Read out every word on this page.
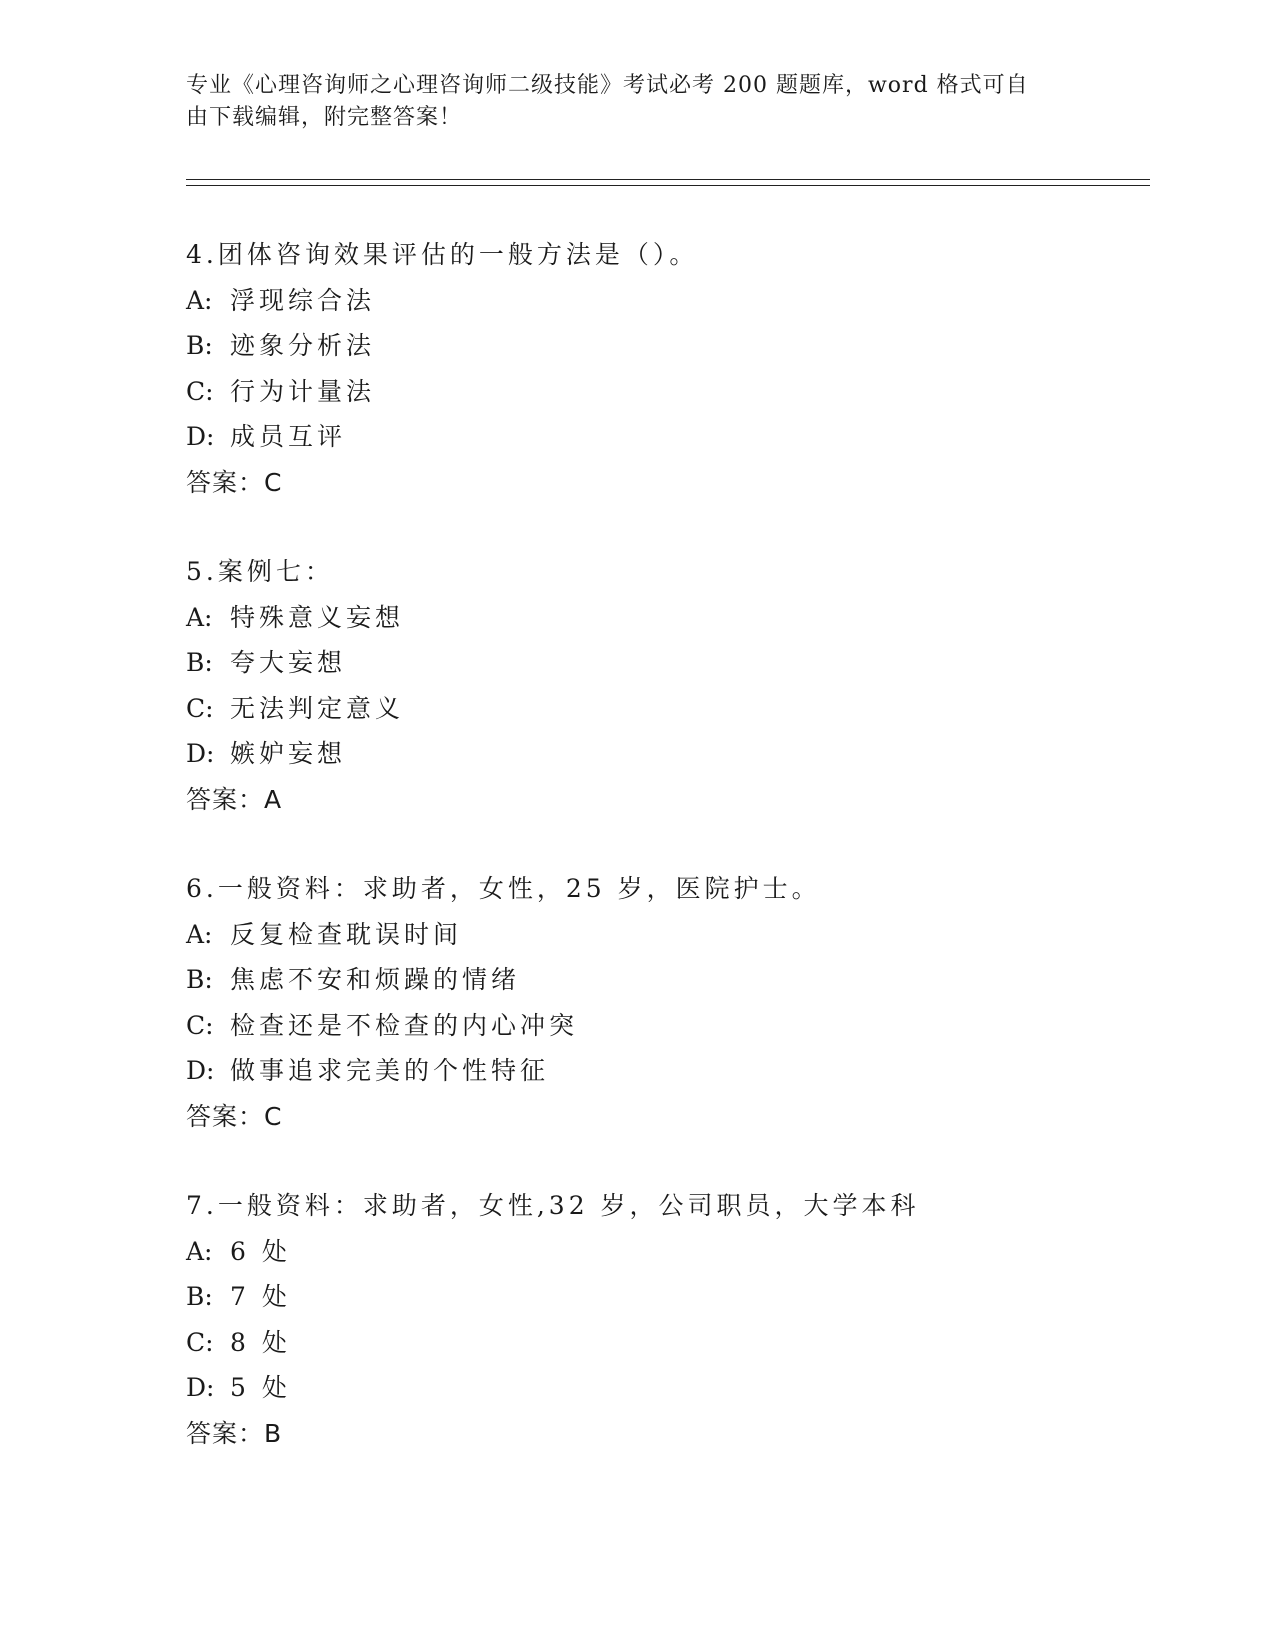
专业《心理咨询师之心理咨询师二级技能》考试必考 200 题题库，word 格式可自
由下载编辑，附完整答案！
4.团体咨询效果评估的一般方法是（）。
A: 浮现综合法
B: 迹象分析法
C: 行为计量法
D: 成员互评
答案：C
5.案例七：
A: 特殊意义妄想
B: 夸大妄想
C: 无法判定意义
D: 嫉妒妄想
答案：A
6.一般资料：求助者，女性，25 岁，医院护士。
A: 反复检查耽误时间
B: 焦虑不安和烦躁的情绪
C: 检查还是不检查的内心冲突
D: 做事追求完美的个性特征
答案：C
7.一般资料：求助者，女性,32 岁，公司职员，大学本科
A: 6 处
B: 7 处
C: 8 处
D: 5 处
答案：B
